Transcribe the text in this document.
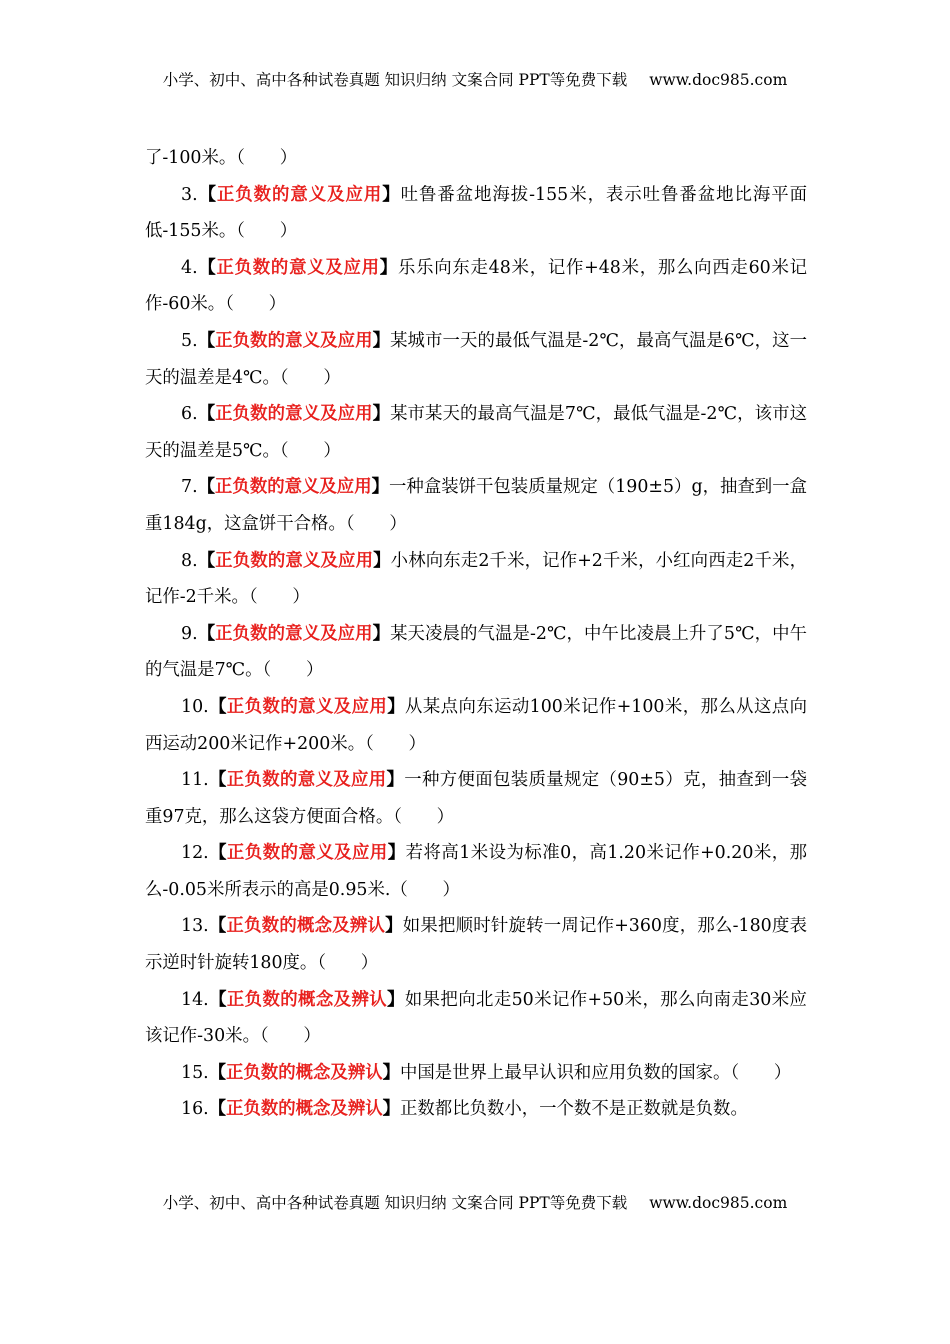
小学、初中、高中各种试卷真题 知识归纳 文案合同 PPT等免费下载 www.doc985.com

了-100米。（　　）

3.【正负数的意义及应用】吐鲁番盆地海拔-155米，表示吐鲁番盆地比海平面低-155米。（　　）

4.【正负数的意义及应用】乐乐向东走48米，记作+48米，那么向西走60米记作-60米。（　　）

5.【正负数的意义及应用】某城市一天的最低气温是-2℃，最高气温是6℃，这一天的温差是4℃。（　　）

6.【正负数的意义及应用】某市某天的最高气温是7℃，最低气温是-2℃，该市这天的温差是5℃。（　　）

7.【正负数的意义及应用】一种盒装饼干包装质量规定（190±5）g，抽查到一盒重184g，这盒饼干合格。（　　）

8.【正负数的意义及应用】小林向东走2千米，记作+2千米，小红向西走2千米，记作-2千米。（　　）

9.【正负数的意义及应用】某天凌晨的气温是-2℃，中午比凌晨上升了5℃，中午的气温是7℃。（　　）

10.【正负数的意义及应用】从某点向东运动100米记作+100米，那么从这点向西运动200米记作+200米。（　　）

11.【正负数的意义及应用】一种方便面包装质量规定（90±5）克，抽查到一袋重97克，那么这袋方便面合格。（　　）

12.【正负数的意义及应用】若将高1米设为标准0，高1.20米记作+0.20米，那么-0.05米所表示的高是0.95米.（　　）

13.【正负数的概念及辨认】如果把顺时针旋转一周记作+360度，那么-180度表示逆时针旋转180度。（　　）

14.【正负数的概念及辨认】如果把向北走50米记作+50米，那么向南走30米应该记作-30米。（　　）

15.【正负数的概念及辨认】中国是世界上最早认识和应用负数的国家。（　　）

16.【正负数的概念及辨认】正数都比负数小，一个数不是正数就是负数。

小学、初中、高中各种试卷真题 知识归纳 文案合同 PPT等免费下载 www.doc985.com
